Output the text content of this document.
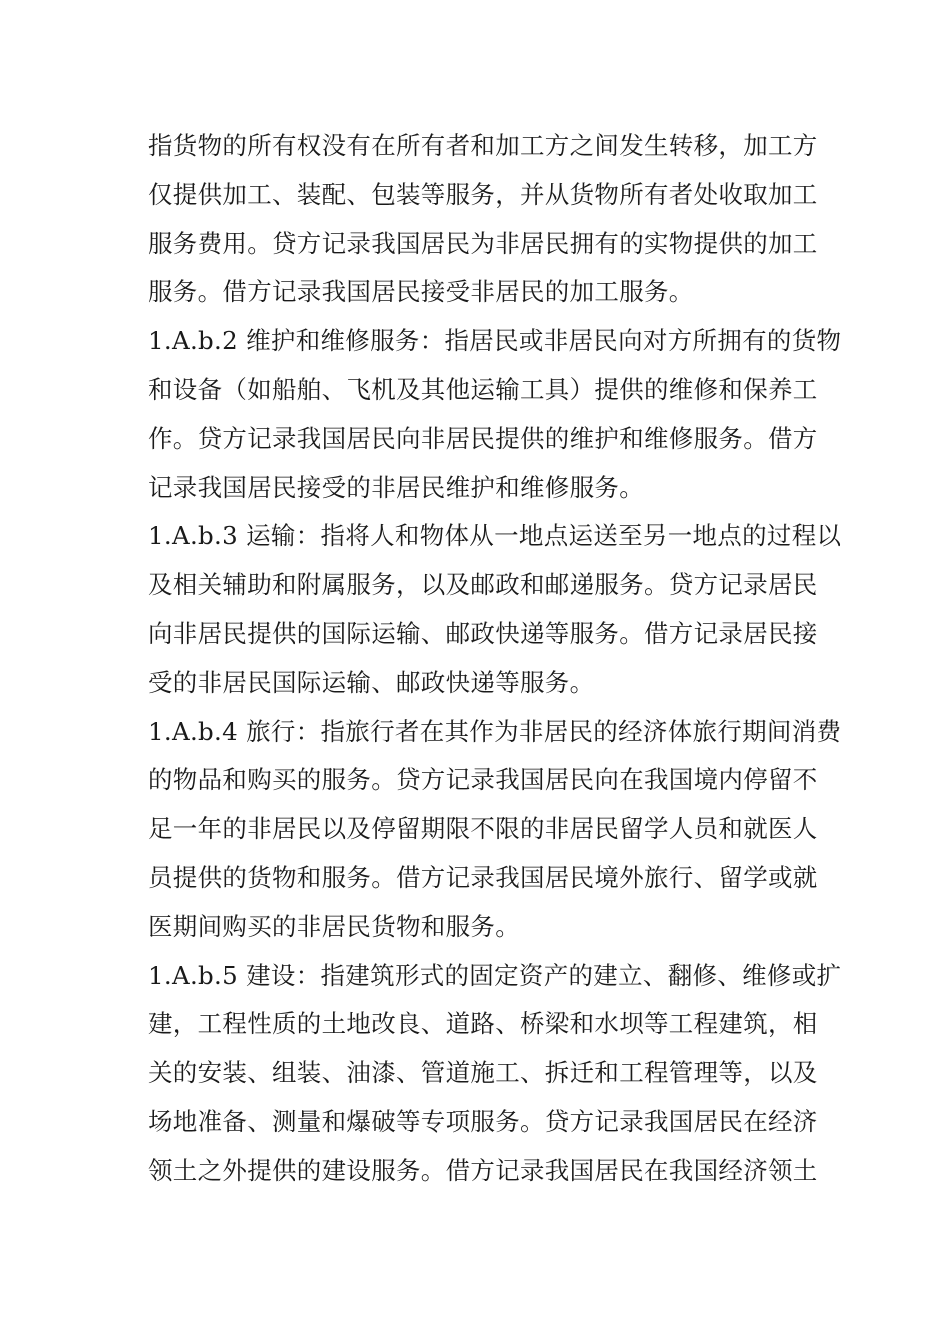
指货物的所有权没有在所有者和加工方之间发生转移，加工方
仅提供加工、装配、包装等服务，并从货物所有者处收取加工
服务费用。贷方记录我国居民为非居民拥有的实物提供的加工
服务。借方记录我国居民接受非居民的加工服务。
1.A.b.2 维护和维修服务：指居民或非居民向对方所拥有的货物
和设备（如船舶、飞机及其他运输工具）提供的维修和保养工
作。贷方记录我国居民向非居民提供的维护和维修服务。借方
记录我国居民接受的非居民维护和维修服务。
1.A.b.3 运输：指将人和物体从一地点运送至另一地点的过程以
及相关辅助和附属服务，以及邮政和邮递服务。贷方记录居民
向非居民提供的国际运输、邮政快递等服务。借方记录居民接
受的非居民国际运输、邮政快递等服务。
1.A.b.4 旅行：指旅行者在其作为非居民的经济体旅行期间消费
的物品和购买的服务。贷方记录我国居民向在我国境内停留不
足一年的非居民以及停留期限不限的非居民留学人员和就医人
员提供的货物和服务。借方记录我国居民境外旅行、留学或就
医期间购买的非居民货物和服务。
1.A.b.5 建设：指建筑形式的固定资产的建立、翻修、维修或扩
建，工程性质的土地改良、道路、桥梁和水坝等工程建筑，相
关的安装、组装、油漆、管道施工、拆迁和工程管理等，以及
场地准备、测量和爆破等专项服务。贷方记录我国居民在经济
领土之外提供的建设服务。借方记录我国居民在我国经济领土
